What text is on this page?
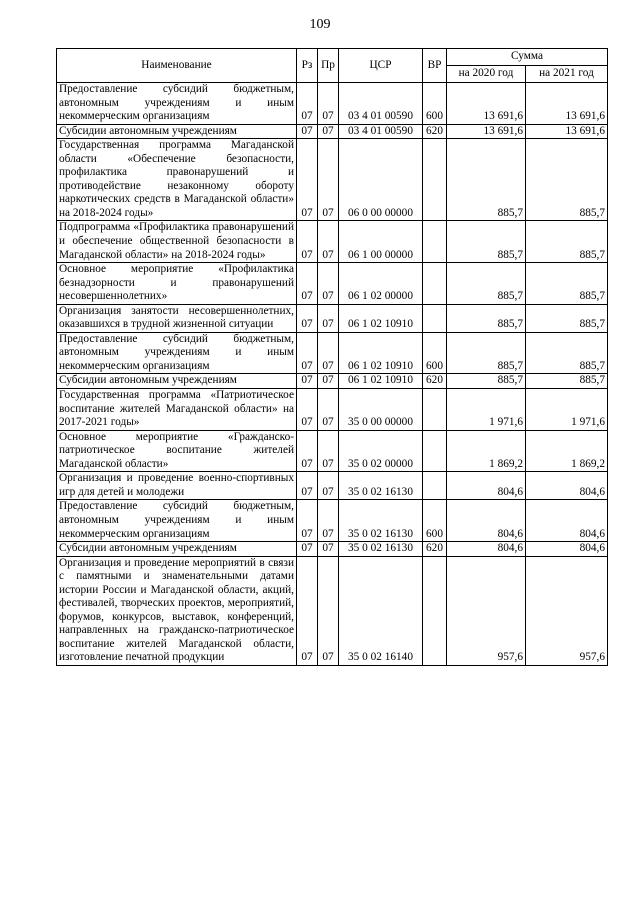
109
Наименование	Рз	Пр	ЦСР	ВР	Сумма	
					на 2020 год	на 2021 год
Предоставление субсидий бюджетным, автономным учреждениям и иным некоммерческим организациям	07	07	03 4 01 00590	600	13 691,6	13 691,6
Субсидии автономным учреждениям	07	07	03 4 01 00590	620	13 691,6	13 691,6
Государственная программа Магаданской области «Обеспечение безопасности, профилактика правонарушений и противодействие незаконному обороту наркотических средств в Магаданской области» на 2018-2024 годы»	07	07	06 0 00 00000		885,7	885,7
Подпрограмма «Профилактика правонарушений и обеспечение общественной безопасности в Магаданской области» на 2018-2024 годы»	07	07	06 1 00 00000		885,7	885,7
Основное мероприятие «Профилактика безнадзорности и правонарушений несовершеннолетних»	07	07	06 1 02 00000		885,7	885,7
Организация занятости несовершеннолетних, оказавшихся в трудной жизненной ситуации	07	07	06 1 02 10910		885,7	885,7
Предоставление субсидий бюджетным, автономным учреждениям и иным некоммерческим организациям	07	07	06 1 02 10910	600	885,7	885,7
Субсидии автономным учреждениям	07	07	06 1 02 10910	620	885,7	885,7
Государственная программа «Патриотическое воспитание жителей Магаданской области» на 2017-2021 годы»	07	07	35 0 00 00000		1 971,6	1 971,6
Основное мероприятие «Гражданско-патриотическое воспитание жителей Магаданской области»	07	07	35 0 02 00000		1 869,2	1 869,2
Организация и проведение военно-спортивных игр для детей и молодежи	07	07	35 0 02 16130		804,6	804,6
Предоставление субсидий бюджетным, автономным учреждениям и иным некоммерческим организациям	07	07	35 0 02 16130	600	804,6	804,6
Субсидии автономным учреждениям	07	07	35 0 02 16130	620	804,6	804,6
Организация и проведение мероприятий в связи с памятными и знаменательными датами истории России и Магаданской области, акций, фестивалей, творческих проектов, мероприятий, форумов, конкурсов, выставок, конференций, направленных на гражданско-патриотическое воспитание жителей Магаданской области, изготовление печатной продукции	07	07	35 0 02 16140		957,6	957,6
